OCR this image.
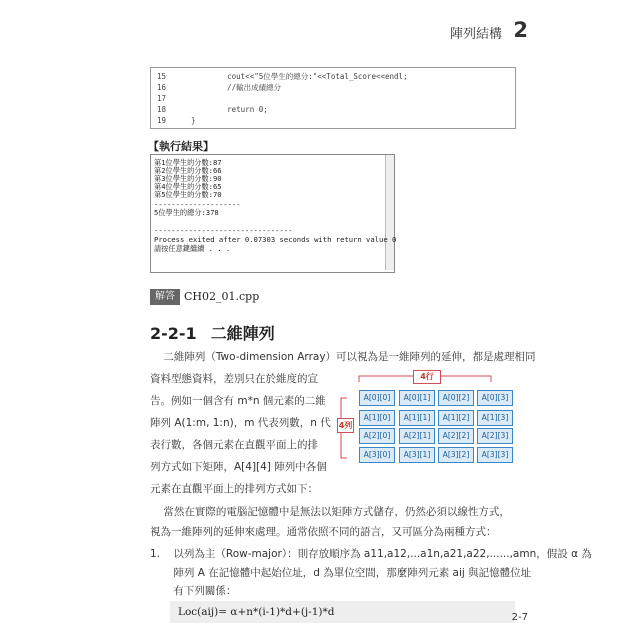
陣列結構 2
15	cout<<"5位學生的總分:"<<Total_Score<<endl;
16	//輸出成績總分
17
18	return 0;
19	}
【執行結果】
第1位學生的分數:87
第2位學生的分數:66
第3位學生的分數:90
第4位學生的分數:65
第5位學生的分數:70
--------------------
5位學生的總分:378
--------------------------------
Process exited after 0.07303 seconds with return value 0
請按任意鍵繼續 . . .
解答 CH02_01.cpp
2-2-1 二維陣列
二維陣列（Two-dimension Array）可以視為是一維陣列的延伸，都是處理相同
資料型態資料，差別只在於維度的宣
告。例如一個含有 m*n 個元素的二維
陣列 A(1:m, 1:n)，m 代表列數，n 代
表行數，各個元素在直觀平面上的排
列方式如下矩陣，A[4][4] 陣列中各個
元素在直觀平面上的排列方式如下：
4行
4列
A[0][0]	A[0][1]	A[0][2]	A[0][3]
A[1][0]	A[1][1]	A[1][2]	A[1][3]
A[2][0]	A[2][1]	A[2][2]	A[2][3]
A[3][0]	A[3][1]	A[3][2]	A[3][3]
當然在實際的電腦記憶體中是無法以矩陣方式儲存，仍然必須以線性方式，
視為一維陣列的延伸來處理。通常依照不同的語言，又可區分為兩種方式：
1.    以列為主（Row-major）：則存放順序為 a11,a12,...a1n,a21,a22,......,amn，假設 α 為
陣列 A 在記憶體中起始位址，d 為單位空間，那麼陣列元素 aij 與記憶體位址
有下列關係：
Loc(aij)= α+n*(i-1)*d+(j-1)*d	2-7
